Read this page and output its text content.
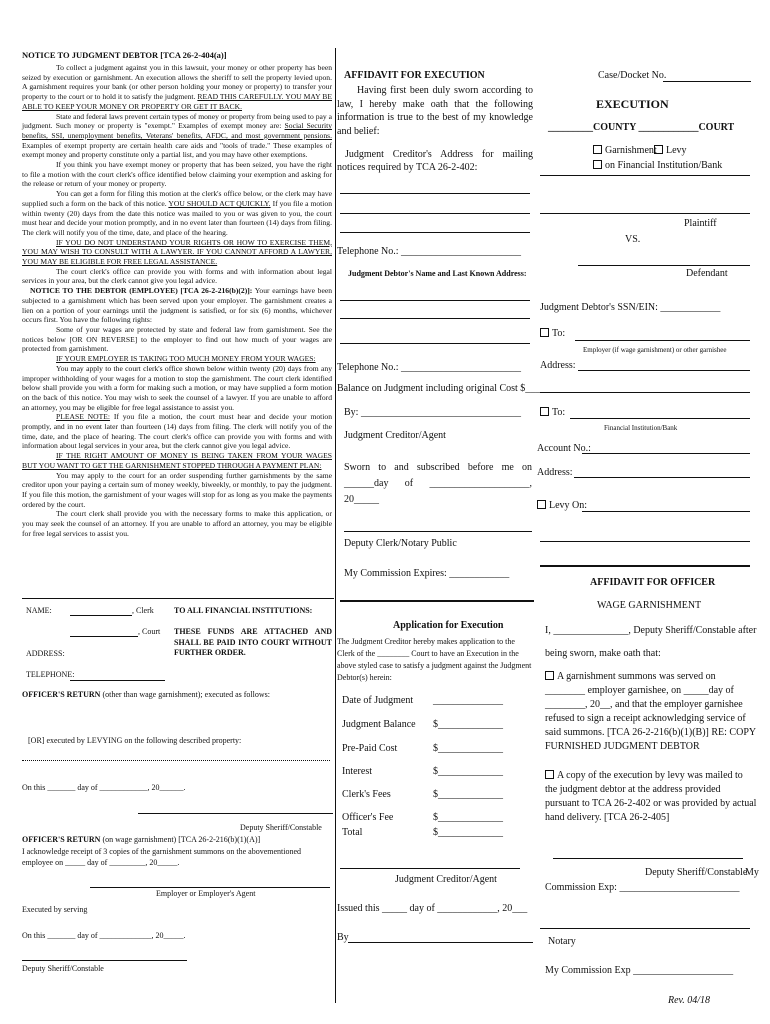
NOTICE TO JUDGMENT DEBTOR [TCA 26-2-404(a)]

To collect a judgment against you in this lawsuit, your money or other property has been seized by execution or garnishment. An execution allows the sheriff to sell the property levied upon. A garnishment requires your bank (or other person holding your money or property) to transfer your property to the court or to hold it to satisfy the judgment. READ THIS CAREFULLY. YOU MAY BE ABLE TO KEEP YOUR MONEY OR PROPERTY OR GET IT BACK.

State and federal laws prevent certain types of money or property from being used to pay a judgment. Such money or property is "exempt." Examples of exempt money are: Social Security benefits, SSI, unemployment benefits, Veterans' benefits, AFDC, and most government pensions. Examples of exempt property are certain health care aids and "tools of trade." These examples of exempt money and property constitute only a partial list, and you may have other exemptions.

If you think you have exempt money or property that has been seized, you have the right to file a motion with the court clerk's office identified below claiming your exemption and asking for the release or return of your money or property.

You can get a form for filing this motion at the clerk's office below, or the clerk may have supplied such a form on the back of this notice. YOU SHOULD ACT QUICKLY. If you file a motion within twenty (20) days from the date this notice was mailed to you or was given to you, the court must hear and decide your motion promptly, and in no event later than fourteen (14) days from filing. The clerk will notify you of the time, date, and place of the hearing.

IF YOU DO NOT UNDERSTAND YOUR RIGHTS OR HOW TO EXERCISE THEM, YOU MAY WISH TO CONSULT WITH A LAWYER. IF YOU CANNOT AFFORD A LAWYER, YOU MAY BE ELIGIBLE FOR FREE LEGAL ASSISTANCE.

The court clerk's office can provide you with forms and with information about legal services in your area, but the clerk cannot give you legal advice.

NOTICE TO THE DEBTOR (EMPLOYEE) [TCA 26-2-216(b)(2)]: Your earnings have been subjected to a garnishment which has been served upon your employer. The garnishment creates a lien on a portion of your earnings until the judgment is satisfied, or for six (6) months, whichever occurs first. You have the following rights:

Some of your wages are protected by state and federal law from garnishment. See the notices below [OR ON REVERSE] to the employer to find out how much of your wages are protected from garnishment.

IF YOUR EMPLOYER IS TAKING TOO MUCH MONEY FROM YOUR WAGES:

You may apply to the court clerk's office shown below within twenty (20) days from any improper withholding of your wages for a motion to stop the garnishment. The court clerk identified below shall provide you with a form for making such a motion, or may have supplied a form motion on the back of this notice. You may wish to seek the counsel of a lawyer. If you are unable to afford an attorney, you may be eligible for free legal assistance to assist you.

PLEASE NOTE: If you file a motion, the court must hear and decide your motion promptly, and in no event later than fourteen (14) days from filing. The clerk will notify you of the time, date, and the place of hearing. The court clerk's office can provide you with forms and with information about legal services in your area, but the clerk cannot give you legal advice.

IF THE RIGHT AMOUNT OF MONEY IS BEING TAKEN FROM YOUR WAGES BUT YOU WANT TO GET THE GARNISHMENT STOPPED THROUGH A PAYMENT PLAN:

You may apply to the court for an order suspending further garnishments by the same creditor upon your paying a certain sum of money weekly, biweekly, or monthly, to pay the judgment. If you file this motion, the garnishment of your wages will stop for as long as you make the payments ordered by the court.

The court clerk shall provide you with the necessary forms to make this application, or you may seek the counsel of an attorney. If you are unable to afford an attorney, you may be eligible for free legal services to assist you.

NAME:	, Clerk
, Court
ADDRESS:
TELEPHONE:
TO ALL FINANCIAL INSTITUTIONS:
THESE FUNDS ARE ATTACHED AND SHALL BE PAID INTO COURT WITHOUT FURTHER ORDER.
OFFICER'S RETURN (other than wage garnishment); executed as follows:
[OR] executed by LEVYING on the following described property:
On this _______ day of ____________, 20______.
Deputy Sheriff/Constable
OFFICER'S RETURN (on wage garnishment) [TCA 26-2-216(b)(1)(A)]
I acknowledge receipt of 3 copies of the garnishment summons on the abovementioned employee on _____ day of _________, 20_____.
Employer or Employer's Agent
Executed by serving
On this _______ day of _____________, 20_____.
Deputy Sheriff/Constable
AFFIDAVIT FOR EXECUTION
Having first been duly sworn according to law, I hereby make oath that the following information is true to the best of my knowledge and belief:
Judgment Creditor's Address for mailing notices required by TCA 26-2-402:
Telephone No.: ________________________
Judgment Debtor's Name and Last Known Address:
Telephone No.: ________________________
Balance on Judgment including original Cost $__________
By: ________________________________
Judgment Creditor/Agent
Sworn to and subscribed before me on ______day of ____________________, 20_____
Deputy Clerk/Notary Public
My Commission Expires: ____________
Application for Execution
The Judgment Creditor hereby makes application to the Clerk of the ________ Court to have an Execution in the above styled case to satisfy a judgment against the Judgment Debtor(s) herein:
Date of Judgment ______________
Judgment Balance $_____________
Pre-Paid Cost	$_____________
Interest	$_____________
Clerk's Fees	$_____________
Officer's Fee	$_____________
Total	$_____________
Judgment Creditor/Agent
Issued this _____ day of ____________, 20___
By
Case/Docket No.
EXECUTION
_________COUNTY ____________COURT
Garnishment Levy
on Financial Institution/Bank
Plaintiff
VS.
Defendant
Judgment Debtor's SSN/EIN: ____________
To:
Employer (if wage garnishment) or other garnishee
Address:
To:
Financial Institution/Bank
Account No.:
Address:
Levy On:
AFFIDAVIT FOR OFFICER
WAGE GARNISHMENT
I, _______________, Deputy Sheriff/Constable after
being sworn, make oath that:
A garnishment summons was served on ________ employer garnishee, on _____day of ________, 20__, and that the employer garnishee refused to sign a receipt acknowledging service of said summons. [TCA 26-2-216(b)(1)(B)] RE: COPY FURNISHED JUDGMENT DEBTOR
A copy of the execution by levy was mailed to the judgment debtor at the address provided pursuant to TCA 26-2-402 or was provided by actual hand delivery. [TCA 26-2-405]
Deputy Sheriff/Constable
My
Commission Exp: ________________________
Notary
My Commission Exp ____________________
Rev. 04/18
